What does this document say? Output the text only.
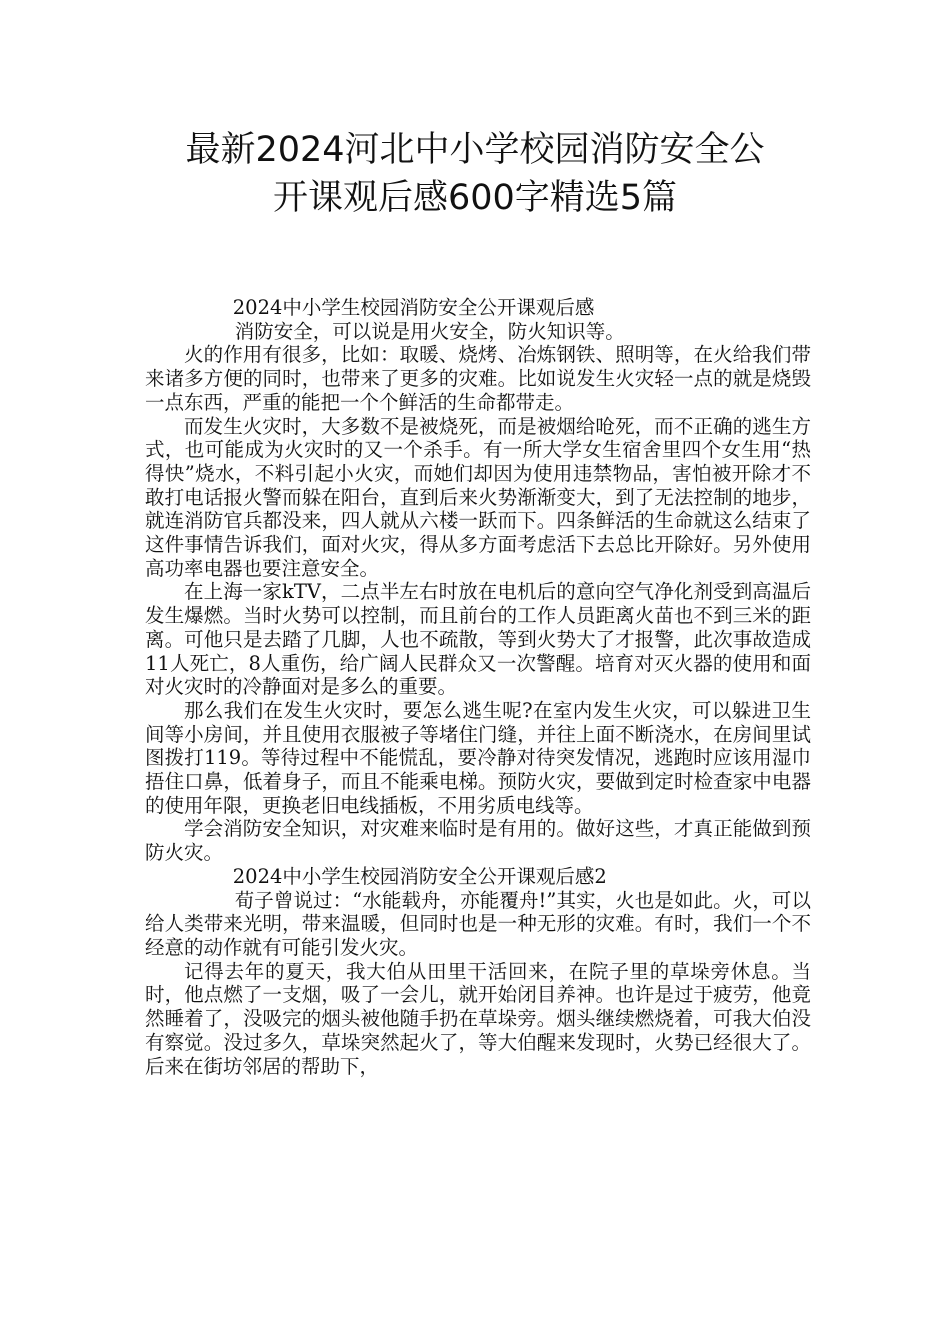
最新2024河北中小学校园消防安全公
开课观后感600字精选5篇

2024中小学生校园消防安全公开课观后感

消防安全，可以说是用火安全，防火知识等。

火的作用有很多，比如：取暖、烧烤、冶炼钢铁、照明等，在火给我们带来诸多方便的同时，也带来了更多的灾难。比如说发生火灾轻一点的就是烧毁一点东西，严重的能把一个个鲜活的生命都带走。

而发生火灾时，大多数不是被烧死，而是被烟给呛死，而不正确的逃生方式，也可能成为火灾时的又一个杀手。有一所大学女生宿舍里四个女生用“热得快”烧水，不料引起小火灾，而她们却因为使用违禁物品，害怕被开除才不敢打电话报火警而躲在阳台，直到后来火势渐渐变大，到了无法控制的地步，就连消防官兵都没来，四人就从六楼一跃而下。四条鲜活的生命就这么结束了这件事情告诉我们，面对火灾，得从多方面考虑活下去总比开除好。另外使用高功率电器也要注意安全。

在上海一家kTV，二点半左右时放在电机后的意向空气净化剂受到高温后发生爆燃。当时火势可以控制，而且前台的工作人员距离火苗也不到三米的距离。可他只是去踏了几脚，人也不疏散，等到火势大了才报警，此次事故造成11人死亡，8人重伤，给广阔人民群众又一次警醒。培育对灭火器的使用和面对火灾时的冷静面对是多么的重要。

那么我们在发生火灾时，要怎么逃生呢?在室内发生火灾，可以躲进卫生间等小房间，并且使用衣服被子等堵住门缝，并往上面不断浇水，在房间里试图拨打119。等待过程中不能慌乱，要冷静对待突发情况，逃跑时应该用湿巾捂住口鼻，低着身子，而且不能乘电梯。预防火灾，要做到定时检查家中电器的使用年限，更换老旧电线插板，不用劣质电线等。

学会消防安全知识，对灾难来临时是有用的。做好这些，才真正能做到预防火灾。

2024中小学生校园消防安全公开课观后感2

荀子曾说过：“水能载舟，亦能覆舟!”其实，火也是如此。火，可以给人类带来光明，带来温暖，但同时也是一种无形的灾难。有时，我们一个不经意的动作就有可能引发火灾。

记得去年的夏天，我大伯从田里干活回来，在院子里的草垛旁休息。当时，他点燃了一支烟，吸了一会儿，就开始闭目养神。也许是过于疲劳，他竟然睡着了，没吸完的烟头被他随手扔在草垛旁。烟头继续燃烧着，可我大伯没有察觉。没过多久，草垛突然起火了，等大伯醒来发现时，火势已经很大了。后来在街坊邻居的帮助下，
